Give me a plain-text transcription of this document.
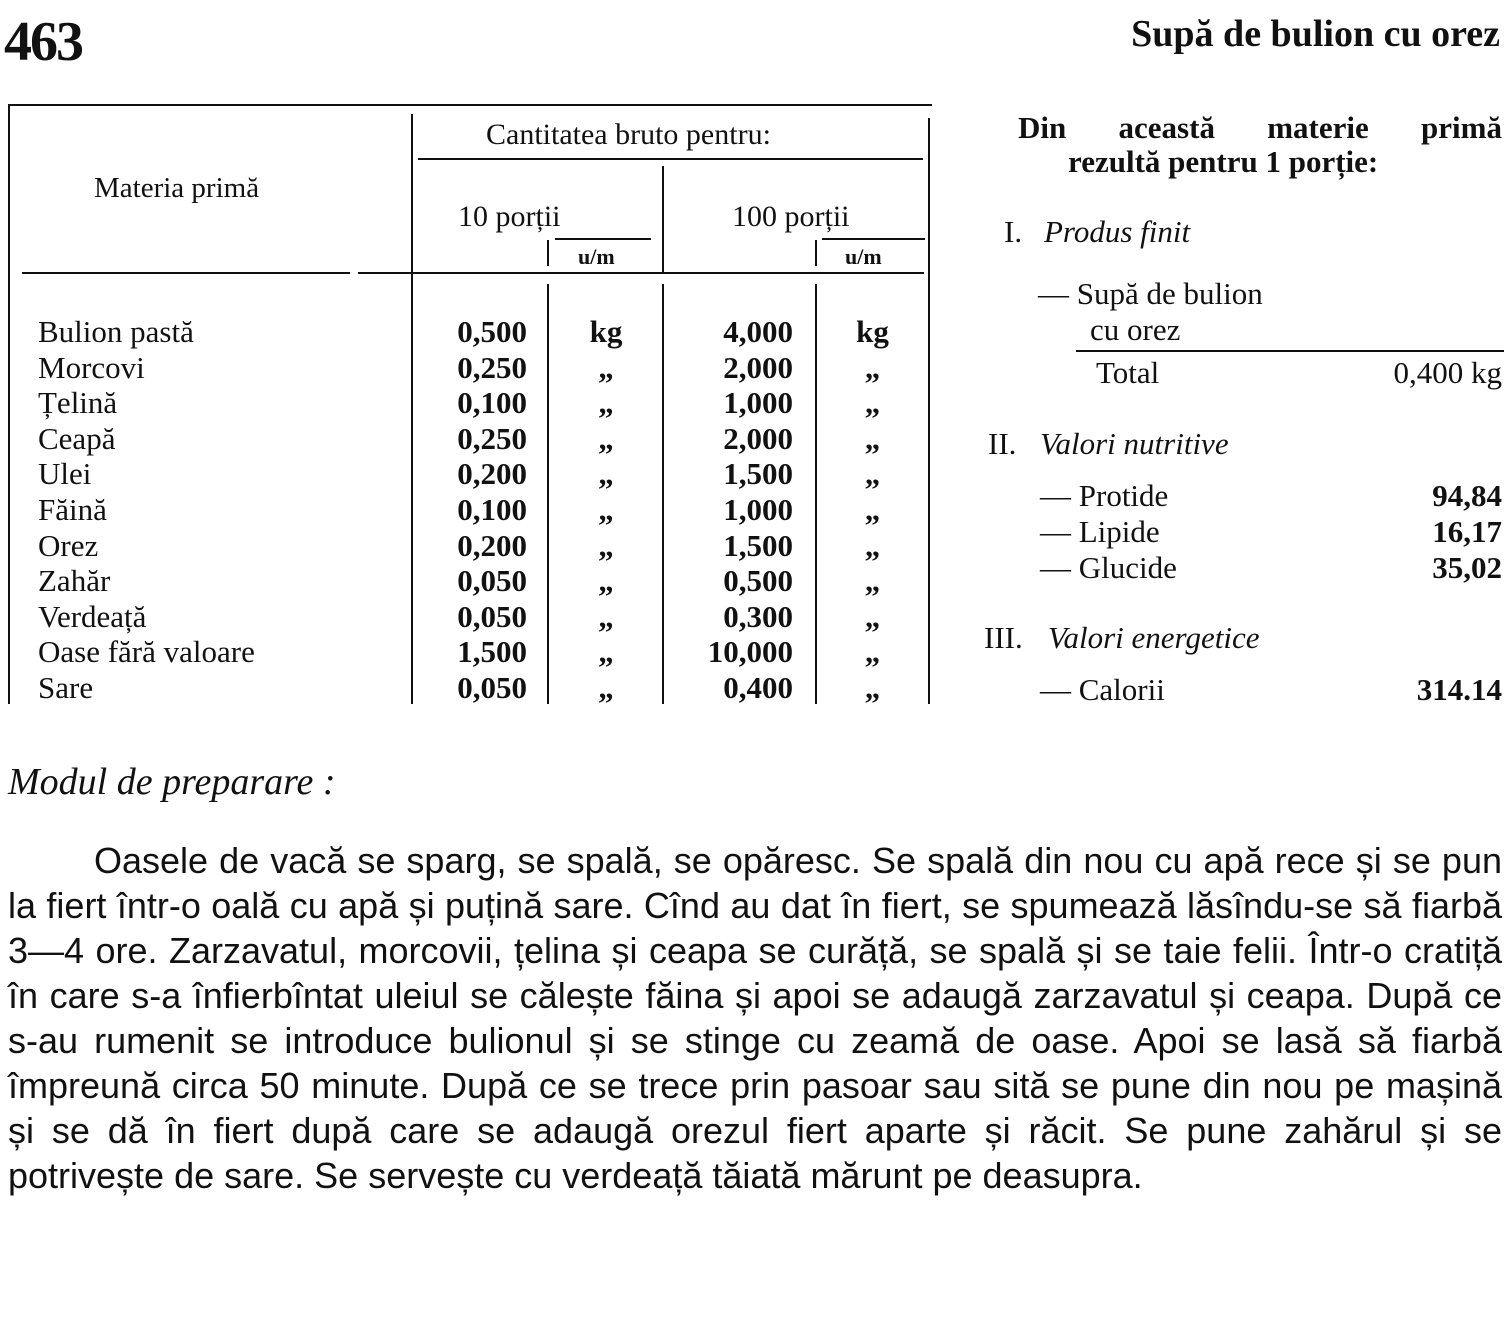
463	Supă de bulion cu orez
Materia primă
Cantitatea bruto pentru:
10 porții	100 porții
u/m	u/m
Bulion pastă	0,500	kg	4,000	kg
Morcovi	0,250	„	2,000	„
Țelină	0,100	„	1,000	„
Ceapă	0,250	„	2,000	„
Ulei	0,200	„	1,500	„
Făină	0,100	„	1,000	„
Orez	0,200	„	1,500	„
Zahăr	0,050	„	0,500	„
Verdeață	0,050	„	0,300	„
Oase fără valoare	1,500	„	10,000	„
Sare	0,050	„	0,400	„
Din această materie primă
rezultă pentru 1 porție:
I. Produs finit
— Supă de bulion
cu orez
Total	0,400 kg
II. Valori nutritive
— Protide	94,84
— Lipide	16,17
— Glucide	35,02
III. Valori energetice
— Calorii	314.14
Modul de preparare :

Oasele de vacă se sparg, se spală, se opăresc. Se spală din nou cu apă rece și se pun la fiert într-o oală cu apă și puțină sare. Cînd au dat în fiert, se spumează lăsîndu-se să fiarbă 3—4 ore. Zarzavatul, morcovii, țelina și ceapa se curăță, se spală și se taie felii. Într-o cratiță în care s-a înfierbîntat uleiul se călește făina și apoi se adaugă zarzavatul și ceapa. După ce s-au rumenit se introduce bulionul și se stinge cu zeamă de oase. Apoi se lasă să fiarbă împreună circa 50 minute. După ce se trece prin pasoar sau sită se pune din nou pe mașină și se dă în fiert după care se adaugă orezul fiert aparte și răcit. Se pune zahărul și se potrivește de sare. Se servește cu verdeață tăiată mărunt pe deasupra.
